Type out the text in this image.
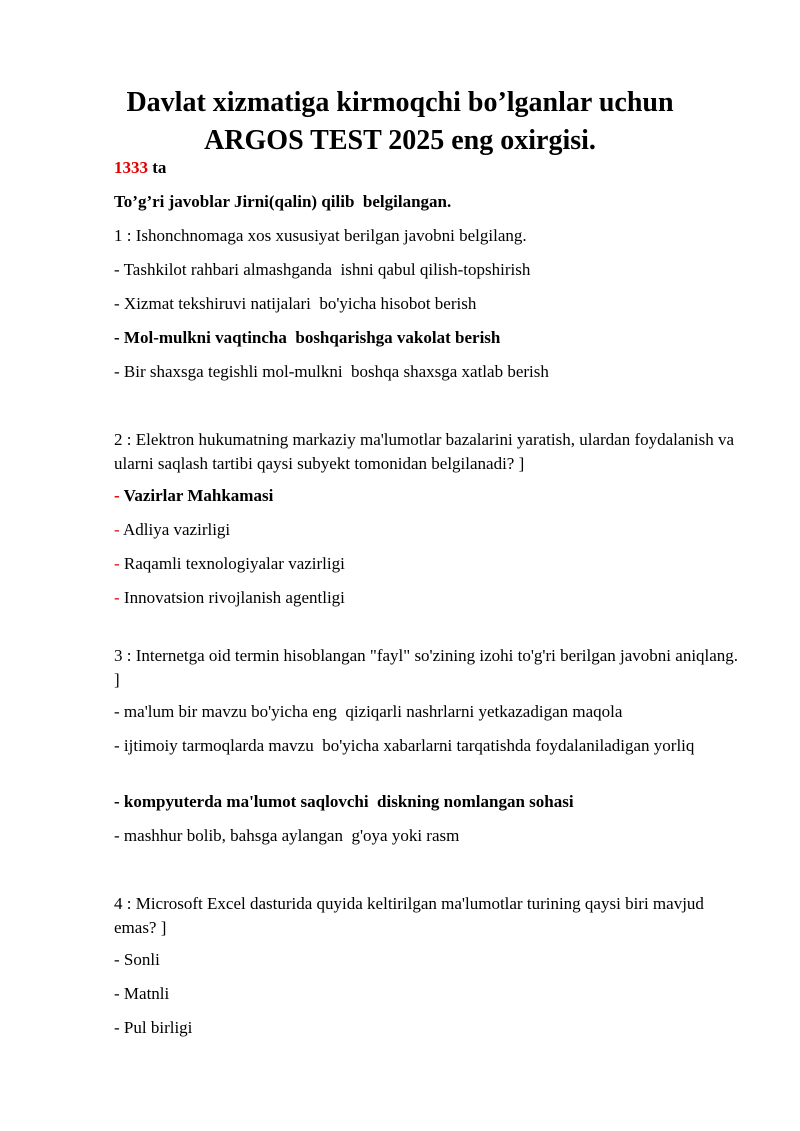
Davlat xizmatiga kirmoqchi bo’lganlar uchun
ARGOS TEST 2025 eng oxirgisi.

1333 ta

To’g’ri javoblar Jirni(qalin) qilib  belgilangan.

1 : Ishonchnomaga xos xususiyat berilgan javobni belgilang.

- Tashkilot rahbari almashganda  ishni qabul qilish-topshirish

- Xizmat tekshiruvi natijalari  bo'yicha hisobot berish

- Mol-mulkni vaqtincha  boshqarishga vakolat berish

- Bir shaxsga tegishli mol-mulkni  boshqa shaxsga xatlab berish

2 : Elektron hukumatning markaziy ma'lumotlar bazalarini yaratish, ulardan foydalanish va ularni saqlash tartibi qaysi subyekt tomonidan belgilanadi? ]

- Vazirlar Mahkamasi

- Adliya vazirligi

- Raqamli texnologiyalar vazirligi

- Innovatsion rivojlanish agentligi

3 : Internetga oid termin hisoblangan "fayl" so'zining izohi to'g'ri berilgan javobni aniqlang. ]

- ma'lum bir mavzu bo'yicha eng  qiziqarli nashrlarni yetkazadigan maqola

- ijtimoiy tarmoqlarda mavzu  bo'yicha xabarlarni tarqatishda foydalaniladigan yorliq

- kompyuterda ma'lumot saqlovchi  diskning nomlangan sohasi

- mashhur bolib, bahsga aylangan  g'oya yoki rasm

4 : Microsoft Excel dasturida quyida keltirilgan ma'lumotlar turining qaysi biri mavjud emas? ]

- Sonli

- Matnli

- Pul birligi
